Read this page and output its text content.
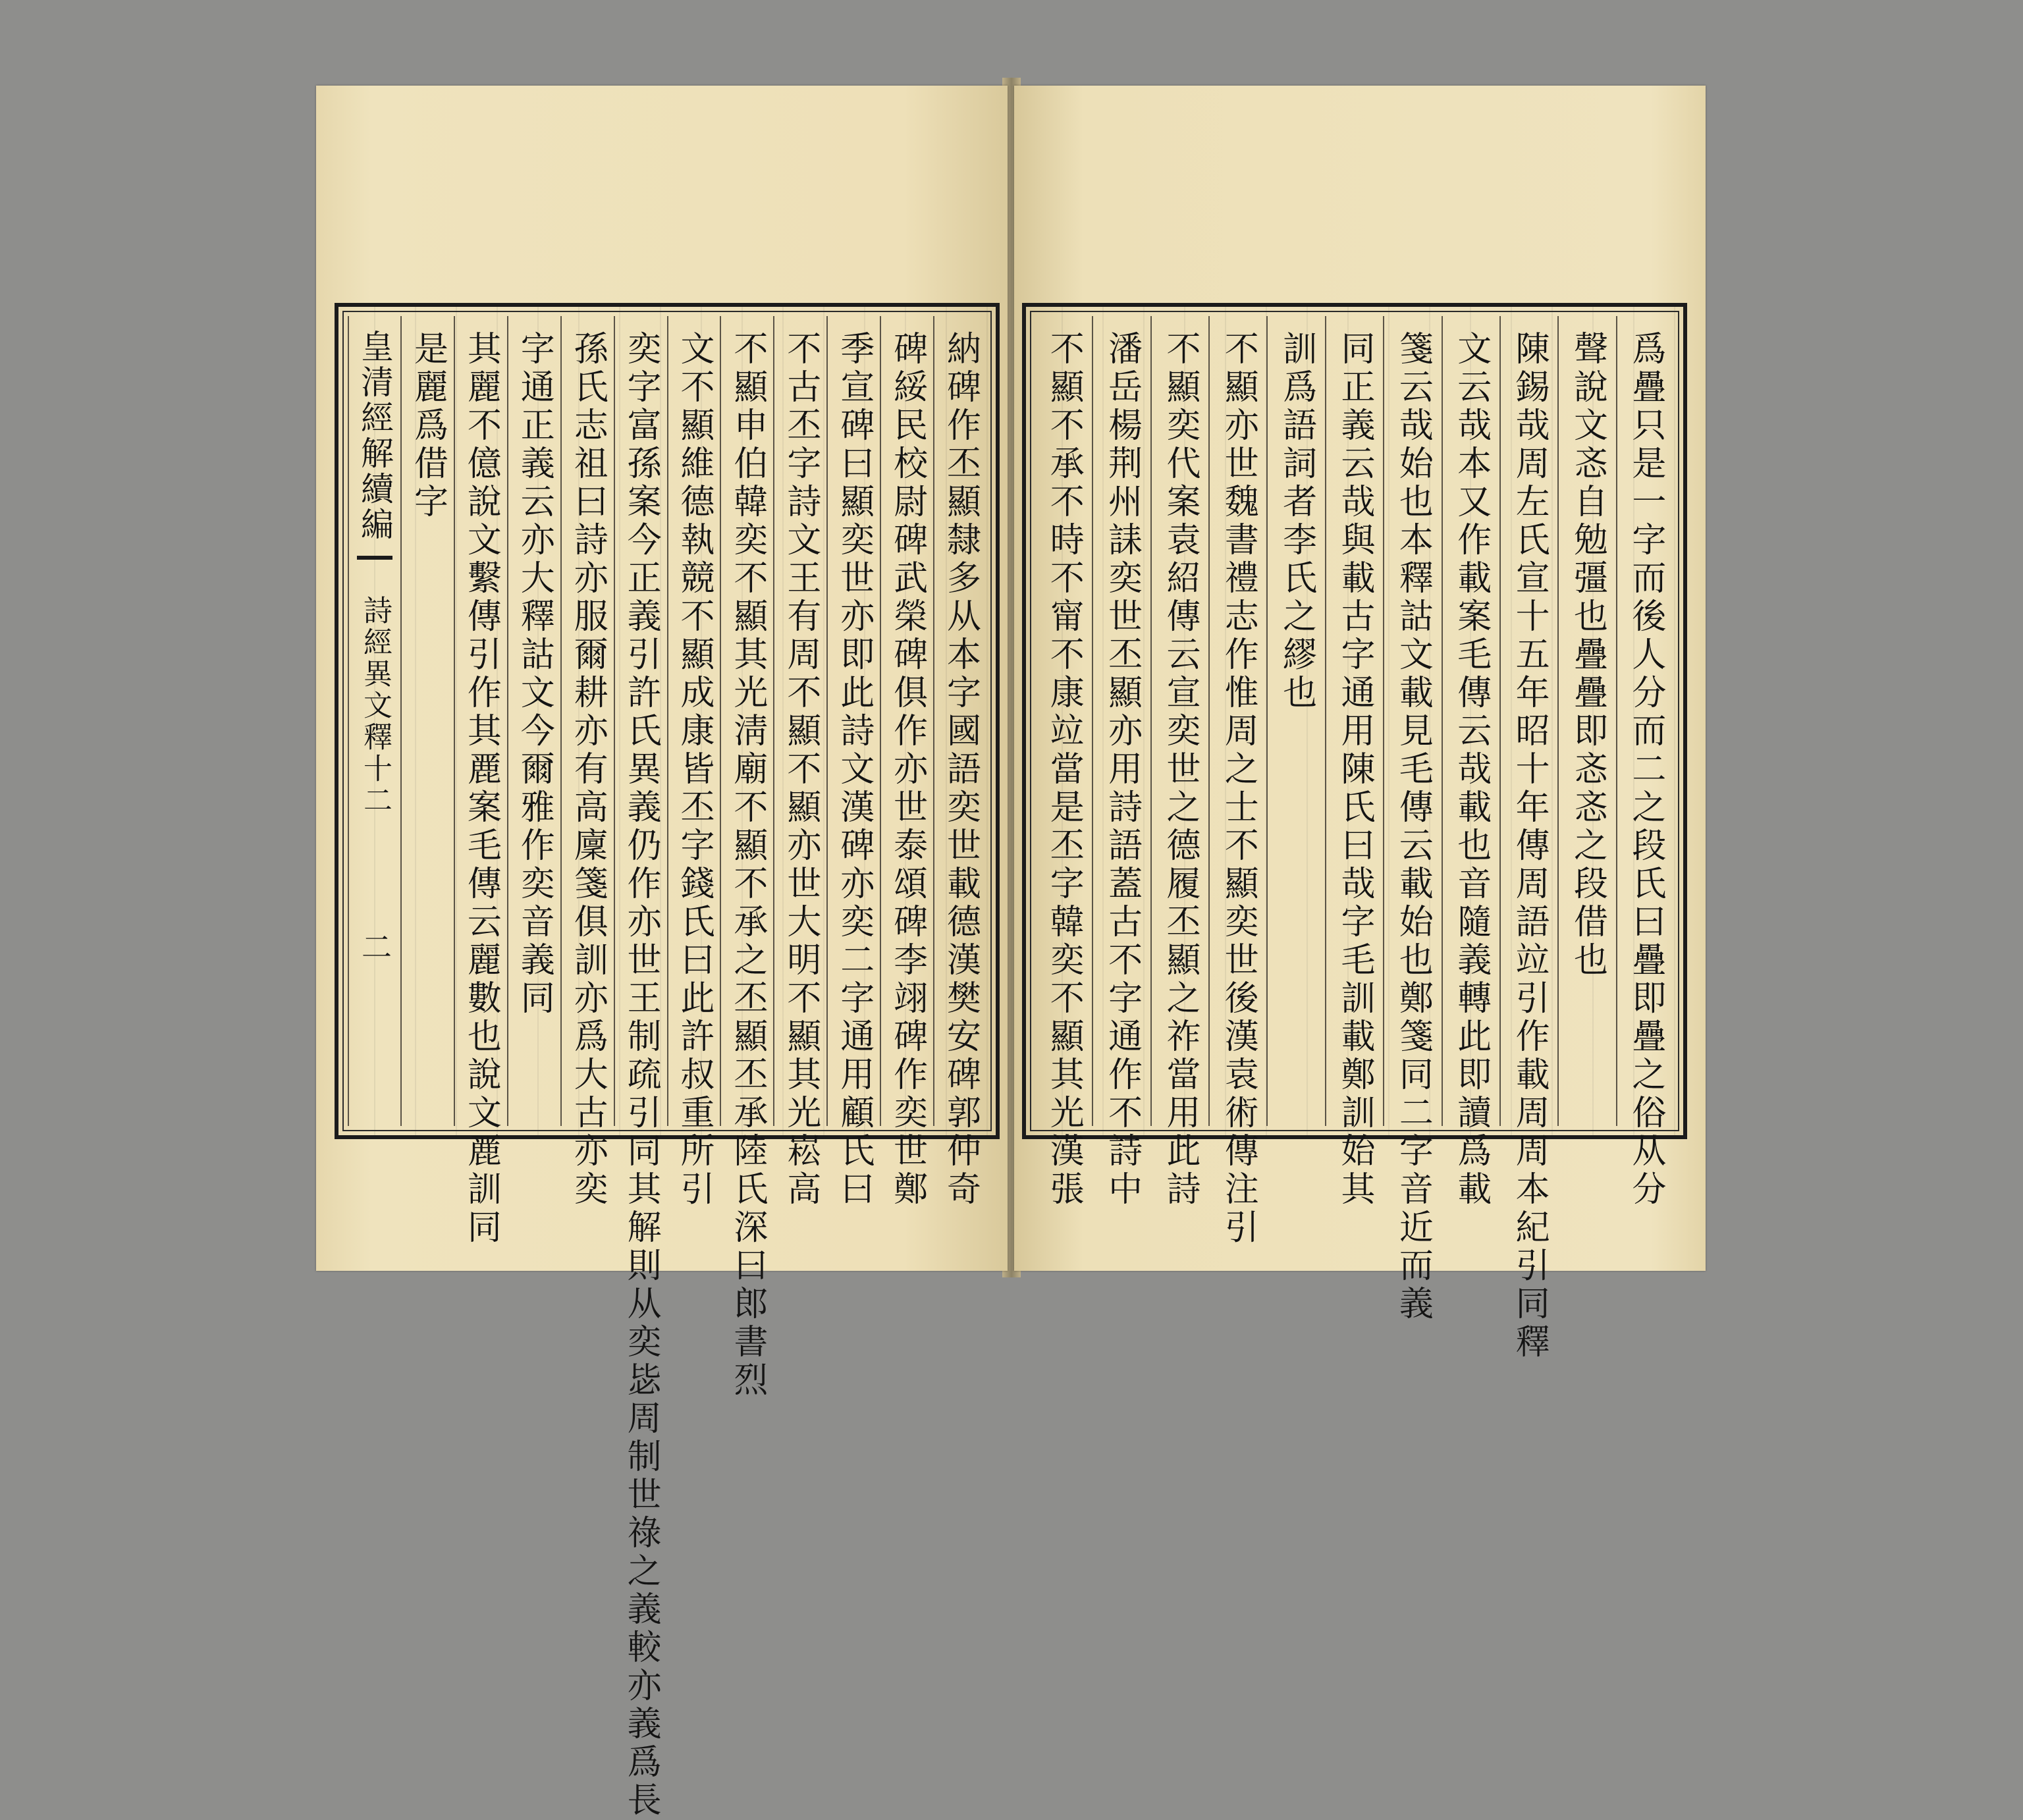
納碑作丕顯隸多从本字國語奕世載德漢樊安碑郭仲奇
碑綏民校尉碑武榮碑俱作亦世泰頌碑李翊碑作奕世鄭
季宣碑曰顯奕世亦即此詩文漢碑亦奕二字通用顧氏曰
不古丕字詩文王有周不顯不顯亦世大明不顯其光崧高
不顯申伯韓奕不顯其光淸廟不顯不承之丕顯丕承陸氏深曰郎書烈
文不顯維德執競不顯成康皆丕字錢氏曰此許叔重所引
奕字富孫案今正義引許氏異義仍作亦世王制疏引同其解則从奕毖周制世祿之義較亦義爲長
孫氏志祖曰詩亦服爾耕亦有高廩箋俱訓亦爲大古亦奕
字通正義云亦大釋詁文今爾雅作奕音義同
其麗不億說文繫傳引作其䴡案毛傳云麗數也說文䴡訓同
是麗爲借字
皇清經解續編
詩經異文釋十二
二	爲疊只是一字而後人分而二之段氏曰疊即疊之俗从分
聲說文忞自勉彊也疊疊即忞忞之段借也
陳錫哉周左氏宣十五年昭十年傳周語竝引作載周周本紀引同釋
文云哉本又作載案毛傳云哉載也音隨義轉此即讀爲載
箋云哉始也本釋詁文載見毛傳云載始也鄭箋同二字音近而義
同正義云哉與載古字通用陳氏曰哉字毛訓載鄭訓始其
訓爲語詞者李氏之繆也
不顯亦世魏書禮志作惟周之士不顯奕世後漢袁術傳注引
不顯奕代案袁紹傳云宣奕世之德履丕顯之祚當用此詩
潘岳楊荆州誄奕世丕顯亦用詩語蓋古不字通作不詩中
不顯不承不時不甯不康竝當是丕字韓奕不顯其光漢張
